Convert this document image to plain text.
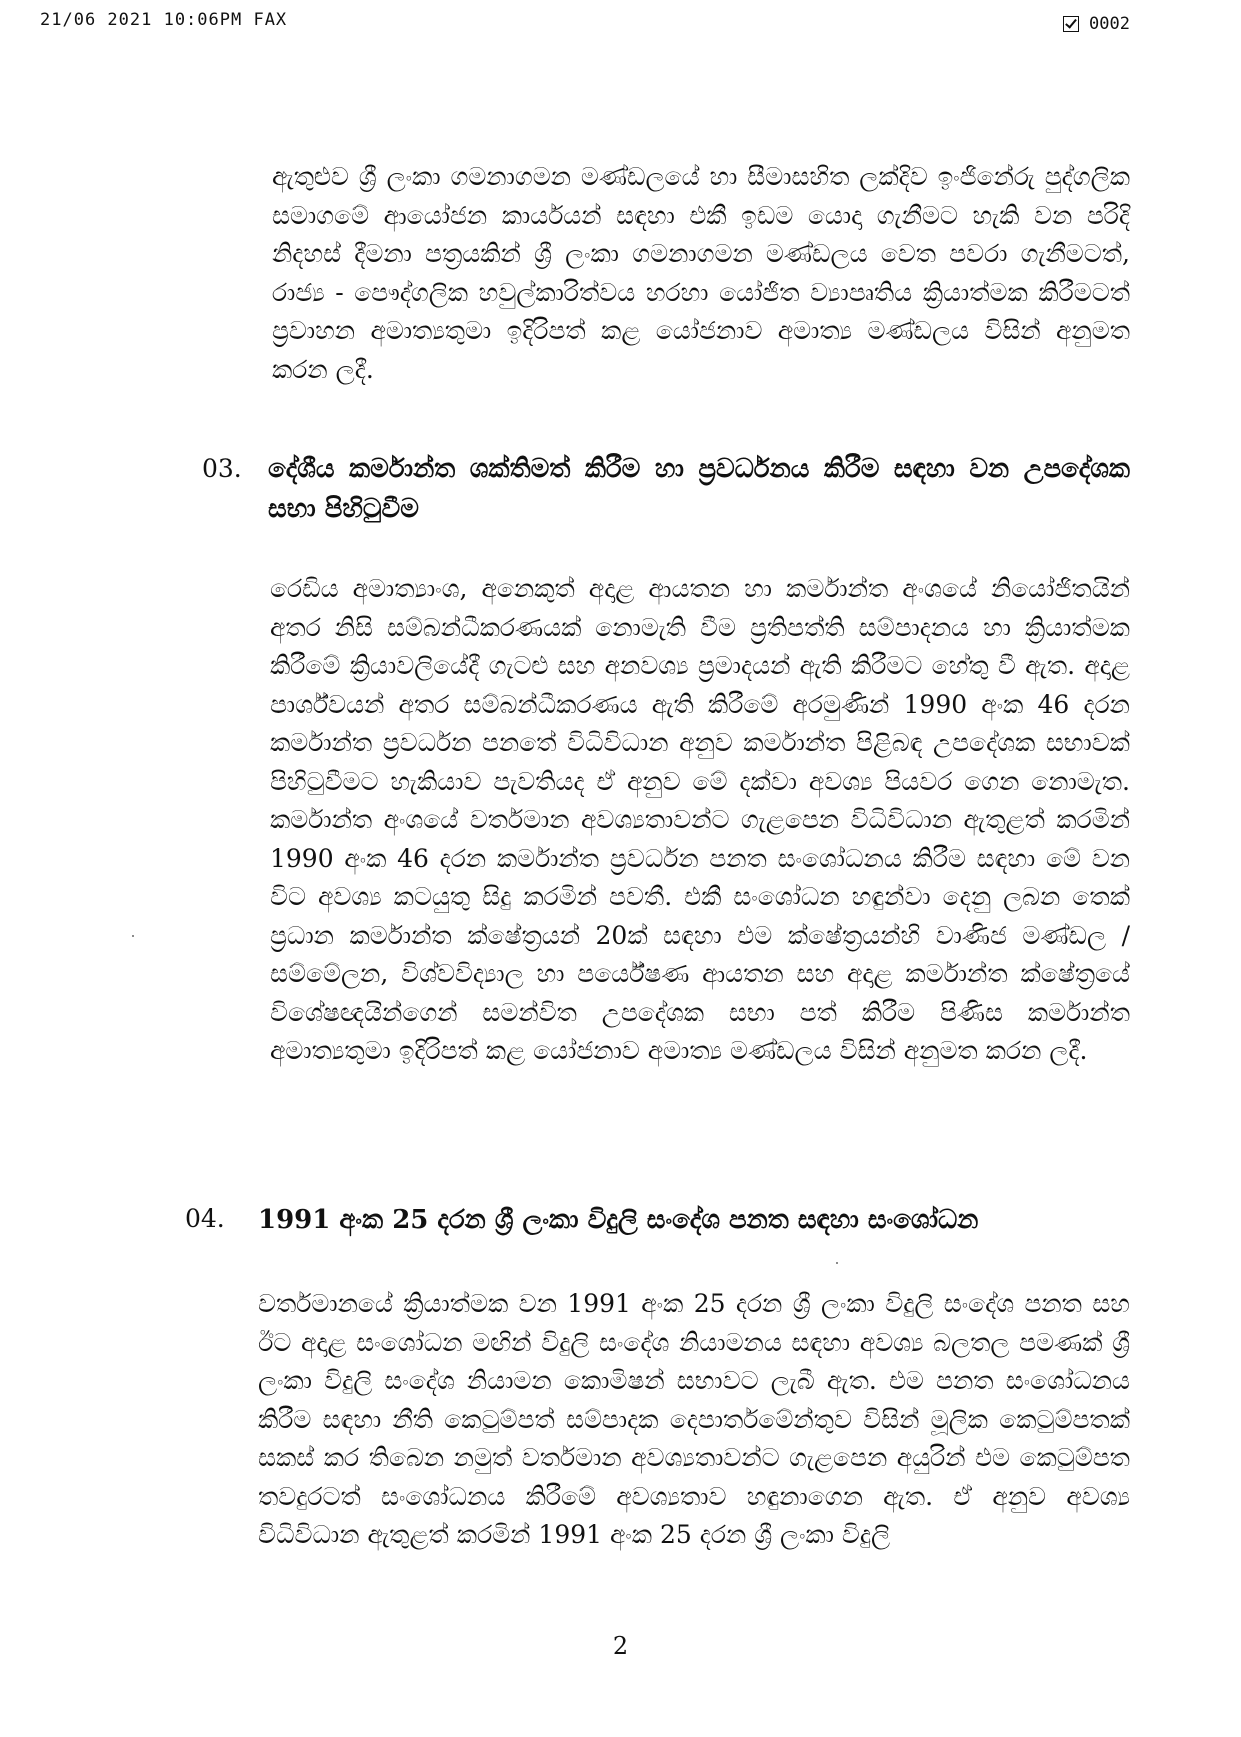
21/06 2021 10:06PM FAX	0002

ඇතුළුව ශ්‍රී ලංකා ගමනාගමන මණ්ඩලයේ හා සීමාසහිත ලක්දිව ඉංජිනේරු පුද්ගලික සමාගමේ ආයෝජන කාර්යයන් සඳහා එකී ඉඩම යොදා ගැනීමට හැකි වන පරිදි නිදහස් දීමනා පත්‍රයකින් ශ්‍රී ලංකා ගමනාගමන මණ්ඩලය වෙත පවරා ගැනීමටත්, රාජ්‍ය - පෞද්ගලික හවුල්කාරිත්වය හරහා යෝජිත ව්‍යාපෘතිය ක්‍රියාත්මක කිරීමටත් ප්‍රවාහන අමාත්‍යතුමා ඉදිරිපත් කළ යෝජනාව අමාත්‍ය මණ්ඩලය විසින් අනුමත කරන ලදී.

03. දේශීය කර්මාන්ත ශක්තිමත් කිරීම හා ප්‍රවර්ධනය කිරීම සඳහා වන උපදේශක සභා පිහිටුවීම

රෙඩිය අමාත්‍යාංශ, අනෙකුත් අදාළ ආයතන හා කර්මාන්ත අංශයේ නියෝජිතයින් අතර නිසි සම්බන්ධීකරණයක් නොමැති වීම ප්‍රතිපත්ති සම්පාදනය හා ක්‍රියාත්මක කිරීමේ ක්‍රියාවලියේදී ගැටළු සහ අනවශ්‍ය ප්‍රමාදයන් ඇති කිරීමට හේතු වී ඇත. අදාළ පාර්ශ්වයන් අතර සම්බන්ධීකරණය ඇති කිරීමේ අරමුණින් 1990 අංක 46 දරන කර්මාන්ත ප්‍රවර්ධන පනතේ විධිවිධාන අනුව කර්මාන්ත පිළිබඳ උපදේශක සභාවක් පිහිටුවීමට හැකියාව පැවතියද ඒ අනුව මේ දක්වා අවශ්‍ය පියවර ගෙන නොමැත. කර්මාන්ත අංශයේ වර්තමාන අවශ්‍යතාවන්ට ගැළපෙන විධිවිධාන ඇතුළත් කරමින් 1990 අංක 46 දරන කර්මාන්ත ප්‍රවර්ධන පනත සංශෝධනය කිරීම සඳහා මේ වන විට අවශ්‍ය කටයුතු සිදු කරමින් පවතී. එකී සංශෝධන හඳුන්වා දෙනු ලබන තෙක් ප්‍රධාන කර්මාන්ත ක්ෂේත්‍රයන් 20ක් සඳහා එම ක්ෂේත්‍රයන්හි වාණිජ මණ්ඩල / සම්මේලන, විශ්වවිද්‍යාල හා පර්යේෂණ ආයතන සහ අදාළ කර්මාන්ත ක්ෂේත්‍රයේ විශේෂඥයින්ගෙන් සමන්විත උපදේශක සභා පත් කිරීම පිණිස කර්මාන්ත අමාත්‍යතුමා ඉදිරිපත් කළ යෝජනාව අමාත්‍ය මණ්ඩලය විසින් අනුමත කරන ලදී.

04. 1991 අංක 25 දරන ශ්‍රී ලංකා විදුලි සංදේශ පනත සඳහා සංශෝධන

වර්තමානයේ ක්‍රියාත්මක වන 1991 අංක 25 දරන ශ්‍රී ලංකා විදුලි සංදේශ පනත සහ ඊට අදාළ සංශෝධන මඟින් විදුලි සංදේශ නියාමනය සඳහා අවශ්‍ය බලතල පමණක් ශ්‍රී ලංකා විදුලි සංදේශ නියාමන කොමිෂන් සභාවට ලැබී ඇත. එම පනත සංශෝධනය කිරීම සඳහා නීති කෙටුම්පත් සම්පාදක දෙපාර්තමේන්තුව විසින් මූලික කෙටුම්පතක් සකස් කර තිබෙන නමුත් වර්තමාන අවශ්‍යතාවන්ට ගැළපෙන අයුරින් එම කෙටුම්පත තවදුරටත් සංශෝධනය කිරීමේ අවශ්‍යතාව හඳුනාගෙන ඇත. ඒ අනුව අවශ්‍ය විධිවිධාන ඇතුළත් කරමින් 1991 අංක 25 දරන ශ්‍රී ලංකා විදුලි

2
